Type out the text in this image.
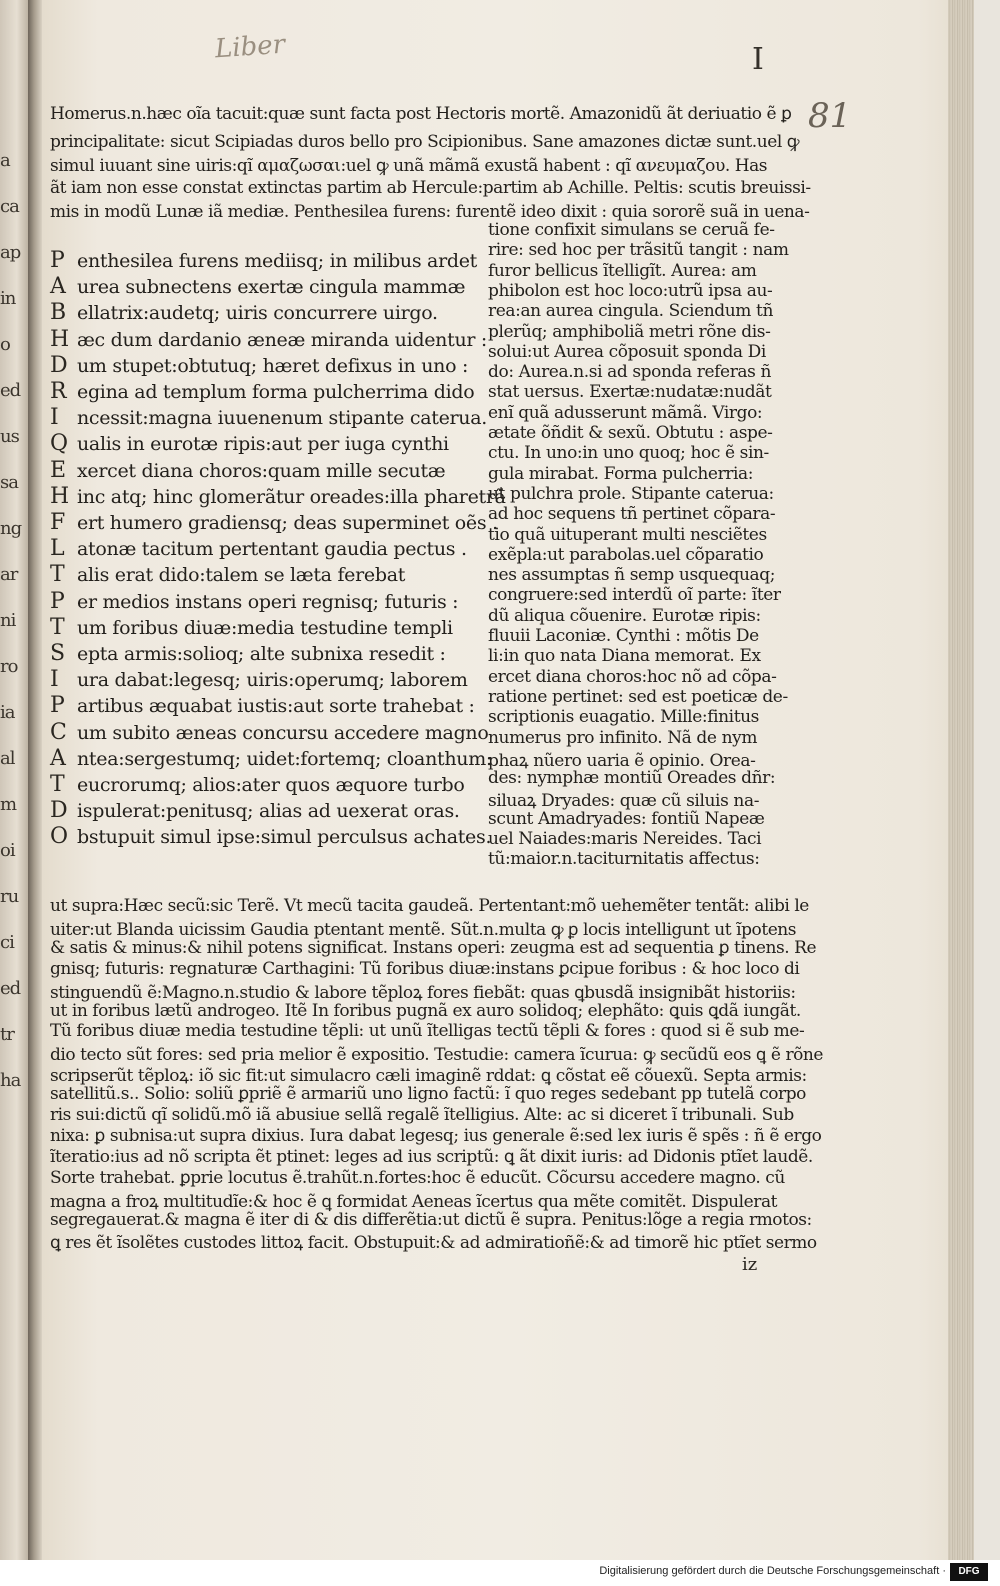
a
ca
ap
in
o
ed
us
sa
ng
ar
ni
ro
ia
al
m
oi
ru
ci
ed
tr
ha
Liber	I
81
Homerus.n.hæc oĩa tacuit:quæ sunt facta post Hectoris mortẽ. Amazonidũ ãt deriuatio ẽ ꝑ
principalitate: sicut Scipiadas duros bello pro Scipionibus. Sane amazones dictæ sunt.uel ꝙ
simul iuuant sine uiris:qĩ αμαζωσαι:uel ꝙ unã mãmã exustã habent : qĩ ανευμαζου. Has
ãt iam non esse constat extinctas partim ab Hercule:partim ab Achille. Peltis: scutis breuissi-
mis in modũ Lunæ iã mediæ. Penthesilea furens: furentẽ ideo dixit : quia sororẽ suã in uena-
enthesilea furens mediisq; in milibus ardet
urea subnectens exertæ cingula mammæ
ellatrix:audetq; uiris concurrere uirgo.
æc dum dardanio æneæ miranda uidentur :
um stupet:obtutuq; hæret defixus in uno :
egina ad templum forma pulcherrima dido
ncessit:magna iuuenenum stipante caterua.
ualis in eurotæ ripis:aut per iuga cynthi
xercet diana choros:quam mille secutæ
inc atq; hinc glomerãtur oreades:illa pharetrã
ert humero gradiensq; deas superminet oẽs .
atonæ tacitum pertentant gaudia pectus .
alis erat dido:talem se læta ferebat
er medios instans operi regnisq; futuris :
um foribus diuæ:media testudine templi
epta armis:solioq; alte subnixa resedit :
ura dabat:legesq; uiris:operumq; laborem
artibus æquabat iustis:aut sorte trahebat :
um subito æneas concursu accedere magno
ntea:sergestumq; uidet:fortemq; cloanthum:
eucrorumq; alios:ater quos æquore turbo
ispulerat:penitusq; alias ad uexerat oras.
bstupuit simul ipse:simul perculsus achates.
P
A
B
H
D
R
I
Q
E
H
F
L
T
P
T
S
I
P
C
A
T
D
O
tione confixit simulans se ceruã fe-
rire: sed hoc per trãsitũ tangit : nam
furor bellicus ĩtelligĩt. Aurea: am
phibolon est hoc loco:utrũ ipsa au-
rea:an aurea cingula. Sciendum tñ
plerũq; amphiboliã metri rõne dis-
solui:ut Aurea cõposuit sponda Di
do: Aurea.n.si ad sponda referas ñ
stat uersus. Exertæ:nudatæ:nudãt
enĩ quã adusserunt mãmã. Virgo:
ætate õñdit & sexũ. Obtutu : aspe-
ctu. In uno:in uno quoq; hoc ẽ sin-
gula mirabat. Forma pulcherria:
ut pulchra prole. Stipante caterua:
ad hoc sequens tñ pertinet cõpara-
tio quã uituperant multi nesciẽtes
exẽpla:ut parabolas.uel cõparatio
nes assumptas ñ semp usquequaq;
congruere:sed interdũ oĩ parte: ĩter
dũ aliqua cõuenire. Eurotæ ripis:
fluuii Laconiæ. Cynthi : mõtis De
li:in quo nata Diana memorat. Ex
ercet diana choros:hoc nõ ad cõpa-
ratione pertinet: sed est poeticæ de-
scriptionis euagatio. Mille:finitus
numerus pro infinito. Nã de nym
phaꝝ nũero uaria ẽ opinio. Orea-
des: nymphæ montiũ Oreades dñr:
siluaꝝ Dryades: quæ cũ siluis na-
scunt Amadryades: fontiũ Napeæ
uel Naiades:maris Nereides. Taci
tũ:maior.n.taciturnitatis affectus:
ut supra:Hæc secũ:sic Terẽ. Vt mecũ tacita gaudeã. Pertentant:mõ uehemẽter tentãt: alibi le
uiter:ut Blanda uicissim Gaudia ptentant mentẽ. Sũt.n.multa ꝙ ꝑ locis intelligunt ut ĩpotens
& satis & minus:& nihil potens significat. Instans operi: zeugma est ad sequentia ꝑ tinens. Re
gnisq; futuris: regnaturæ Carthagini: Tũ foribus diuæ:instans ꝑcipue foribus : & hoc loco di
stinguendũ ẽ:Magno.n.studio & labore tẽploꝝ fores fiebãt: quas ꝗbusdã insignibãt historiis:
ut in foribus lætũ androgeo. Itẽ In foribus pugnã ex auro solidoq; elephãto: ꝗuis ꝗdã iungãt.
Tũ foribus diuæ media testudine tẽpli: ut unũ ĩtelligas tectũ tẽpli & fores : quod si ẽ sub me-
dio tecto sũt fores: sed pria melior ẽ expositio. Testudie: camera ĩcurua: ꝙ secũdũ eos ꝗ ẽ rõne
scripserũt tẽploꝝ: iõ sic fit:ut simulacro cæli imaginẽ rddat: ꝗ cõstat eẽ cõuexũ. Septa armis:
satellitũ.s.. Solio: soliũ ꝑpriẽ ẽ armariũ uno ligno factũ: ĩ quo reges sedebant pp tutelã corpo
ris sui:dictũ qĩ solidũ.mõ iã abusiue sellã regalẽ ĩtelligius. Alte: ac si diceret ĩ tribunali. Sub
nixa: ꝑ subnisa:ut supra dixius. Iura dabat legesq; ius generale ẽ:sed lex iuris ẽ spẽs : ñ ẽ ergo
ĩteratio:ius ad nõ scripta ẽt ptinet: leges ad ius scriptũ: ꝗ ãt dixit iuris: ad Didonis ptĩet laudẽ.
Sorte trahebat. ꝑprie locutus ẽ.trahũt.n.fortes:hoc ẽ educũt. Cõcursu accedere magno. cũ
magna a froꝝ multitudĩe:& hoc ẽ ꝗ formidat Aeneas ĩcertus qua mẽte comitẽt. Dispulerat
segregauerat.& magna ẽ iter di & dis differẽtia:ut dictũ ẽ supra. Penitus:lõge a regia rmotos:
ꝗ res ẽt ĩsolẽtes custodes littoꝝ facit. Obstupuit:& ad admiratioñẽ:& ad timorẽ hic ptĩet sermo
iz
Digitalisierung gefördert durch die Deutsche Forschungsgemeinschaft ·	DFG
